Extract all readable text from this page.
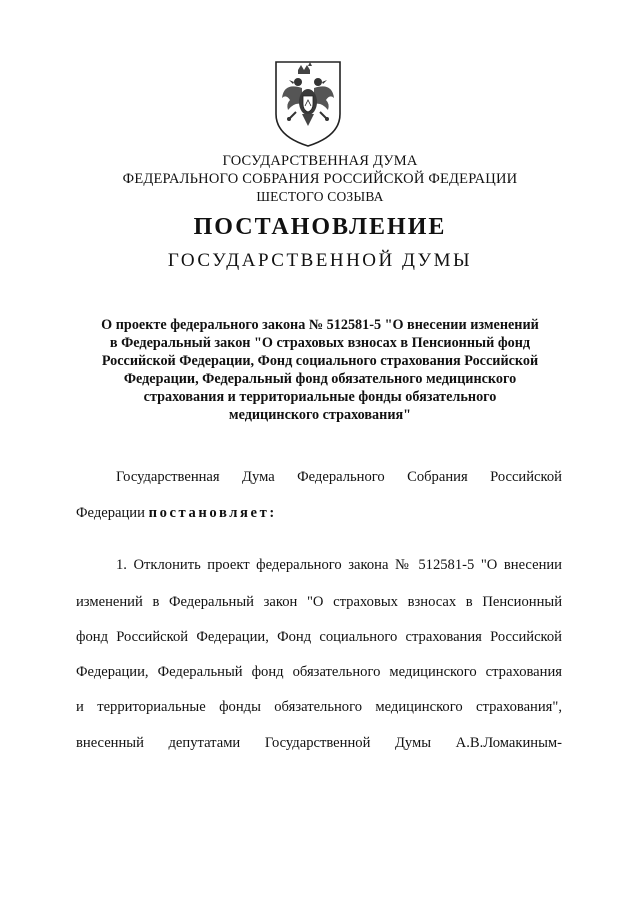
ГОСУДАРСТВЕННАЯ ДУМА
ФЕДЕРАЛЬНОГО СОБРАНИЯ РОССИЙСКОЙ ФЕДЕРАЦИИ
ШЕСТОГО СОЗЫВА
ПОСТАНОВЛЕНИЕ
ГОСУДАРСТВЕННОЙ ДУМЫ
О проекте федерального закона № 512581-5 "О внесении изменений
в Федеральный закон "О страховых взносах в Пенсионный фонд
Российской Федерации, Фонд социального страхования Российской
Федерации, Федеральный фонд обязательного медицинского
страхования и территориальные фонды обязательного
медицинского страхования"
Государственная Дума Федерального Собрания Российской
Федерации постановляет:
1. Отклонить проект федерального закона № 512581-5 "О внесении
изменений в Федеральный закон "О страховых взносах в Пенсионный
фонд Российской Федерации, Фонд социального страхования Российской
Федерации, Федеральный фонд обязательного медицинского страхования
и территориальные фонды обязательного медицинского страхования",
внесенный депутатами Государственной Думы А.В.Ломакиным-
